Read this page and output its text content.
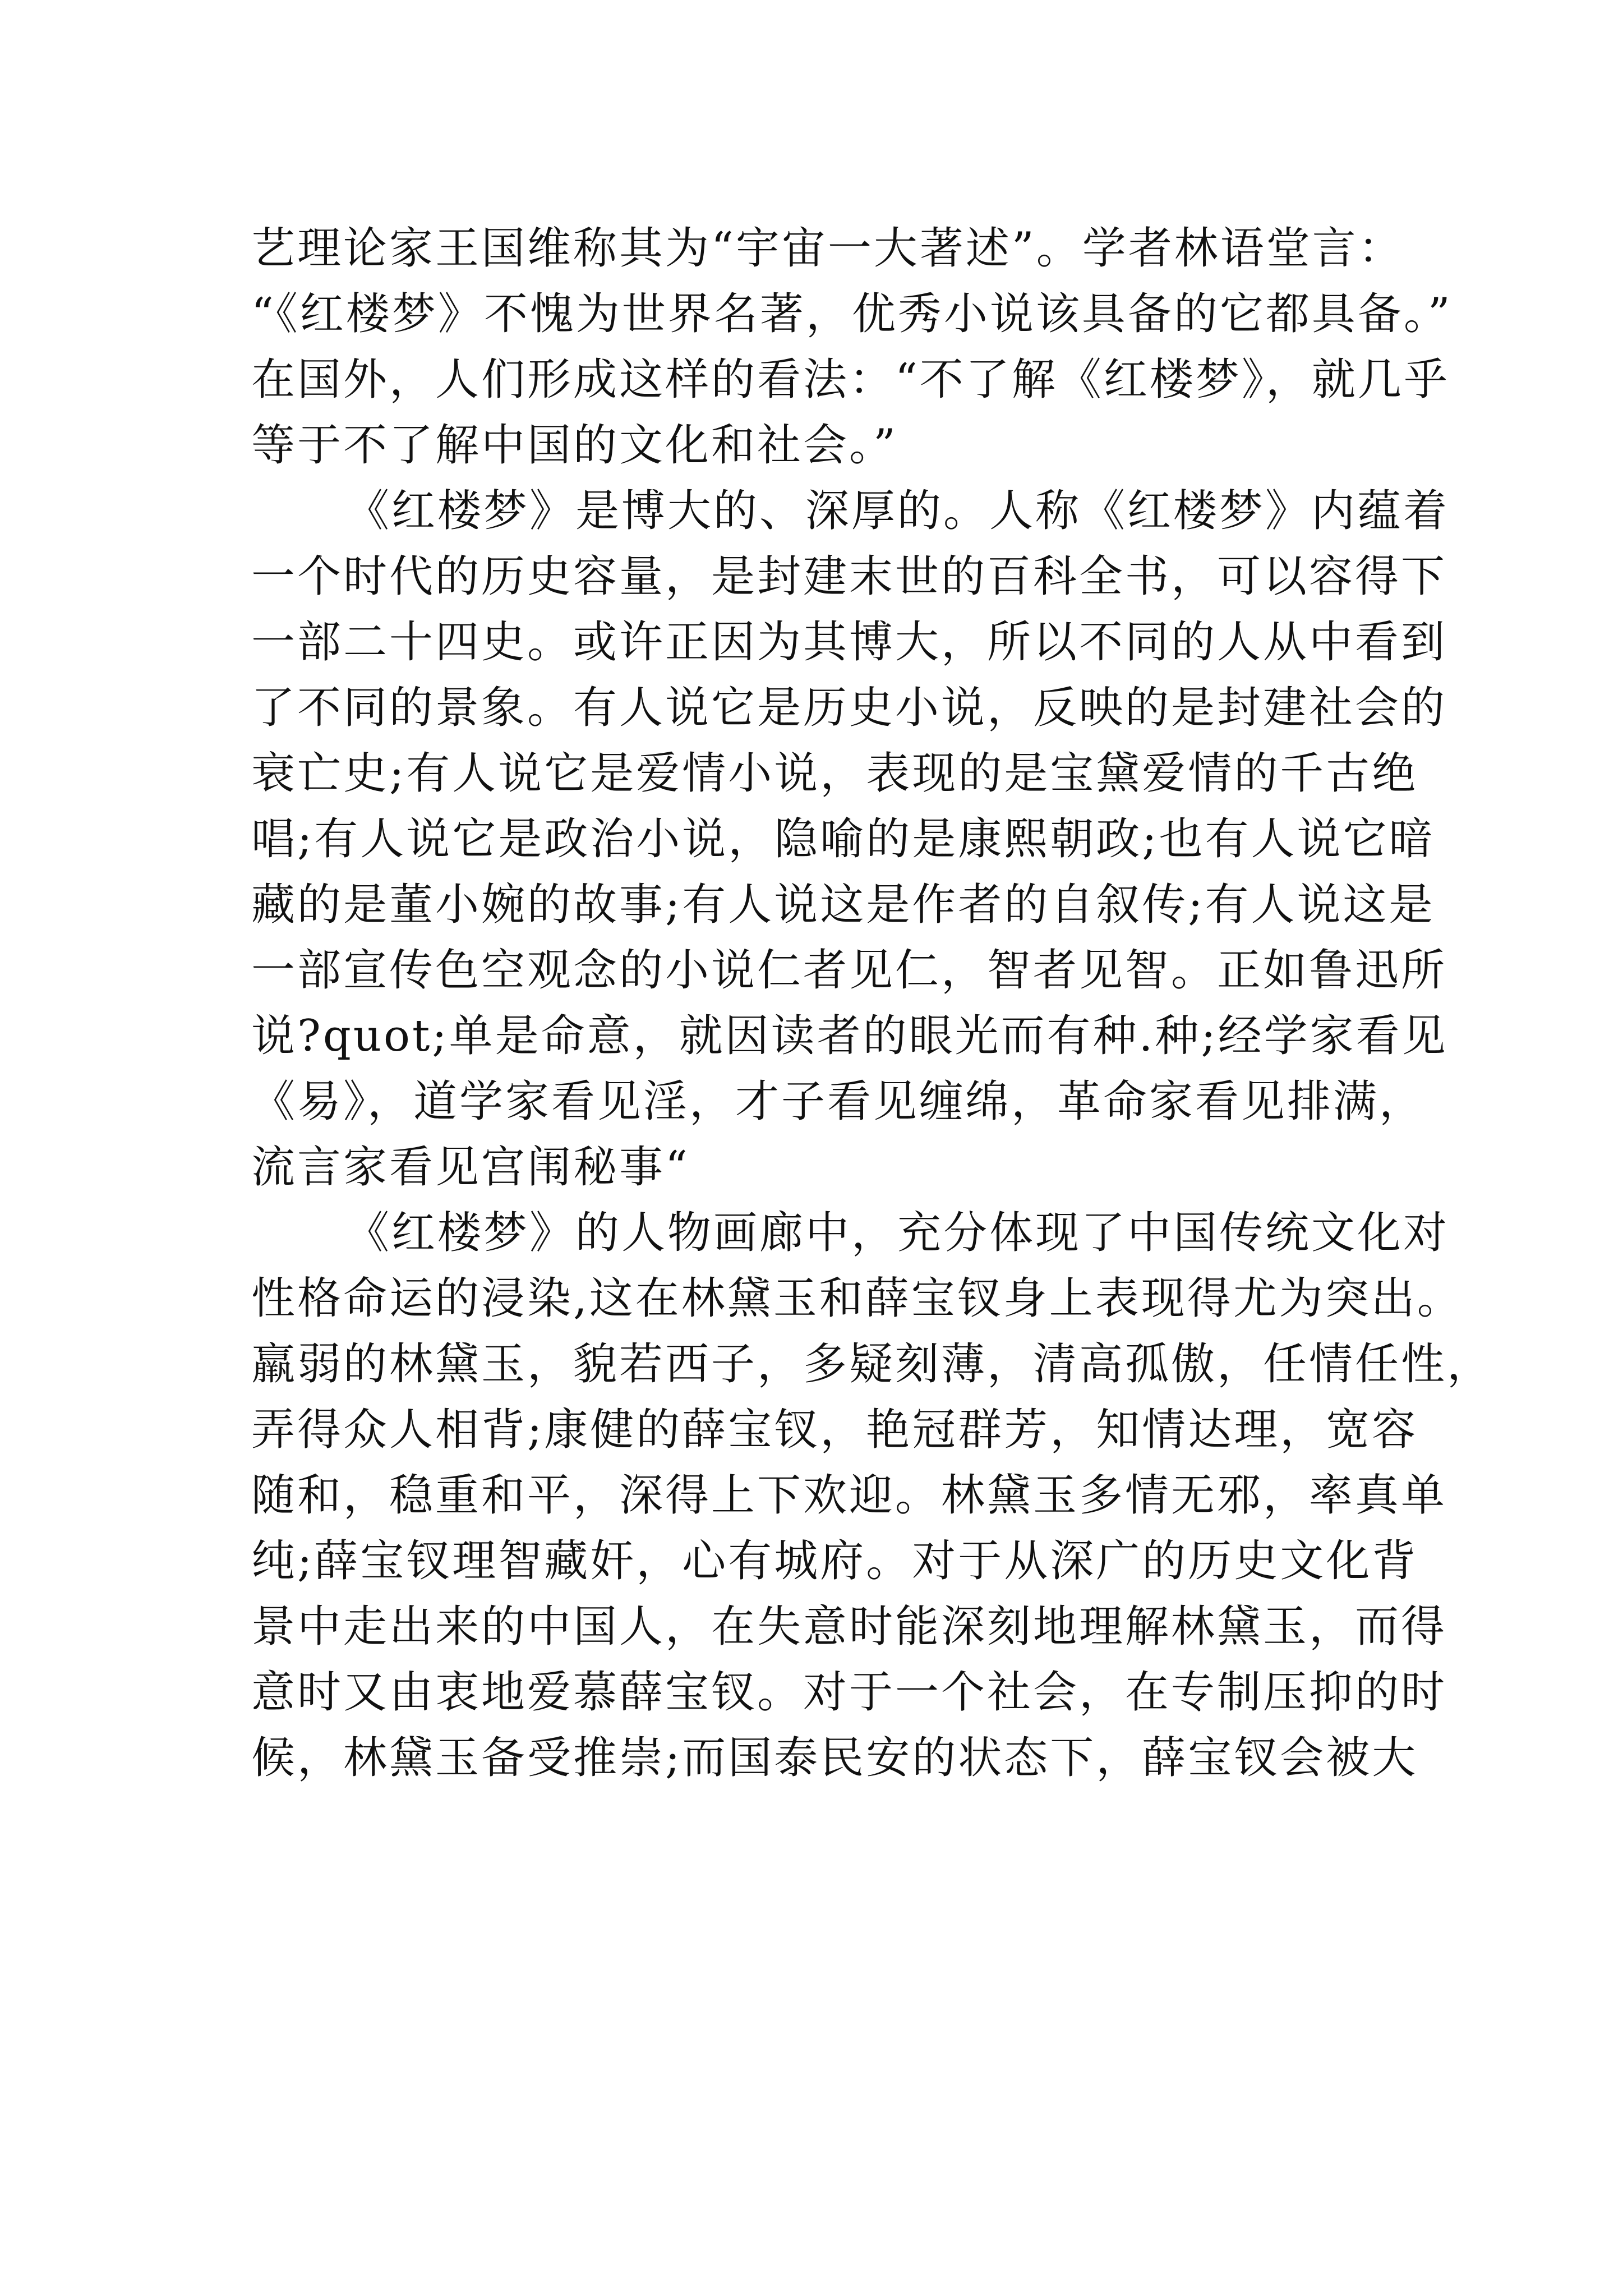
艺理论家王国维称其为“宇宙一大著述”。学者林语堂言：
“《红楼梦》不愧为世界名著，优秀小说该具备的它都具备。”
在国外，人们形成这样的看法：“不了解《红楼梦》，就几乎
等于不了解中国的文化和社会。”
《红楼梦》是博大的、深厚的。人称《红楼梦》内蕴着
一个时代的历史容量，是封建末世的百科全书，可以容得下
一部二十四史。或许正因为其博大，所以不同的人从中看到
了不同的景象。有人说它是历史小说，反映的是封建社会的
衰亡史;有人说它是爱情小说，表现的是宝黛爱情的千古绝
唱;有人说它是政治小说，隐喻的是康熙朝政;也有人说它暗
藏的是董小婉的故事;有人说这是作者的自叙传;有人说这是
一部宣传色空观念的小说仁者见仁，智者见智。正如鲁迅所
说?quot;单是命意，就因读者的眼光而有种.种;经学家看见
《易》，道学家看见淫，才子看见缠绵，革命家看见排满，
流言家看见宫闱秘事“
《红楼梦》的人物画廊中，充分体现了中国传统文化对
性格命运的浸染,这在林黛玉和薛宝钗身上表现得尤为突出。
羸弱的林黛玉，貌若西子，多疑刻薄，清高孤傲，任情任性，
弄得众人相背;康健的薛宝钗，艳冠群芳，知情达理，宽容
随和，稳重和平，深得上下欢迎。林黛玉多情无邪，率真单
纯;薛宝钗理智藏奸，心有城府。对于从深广的历史文化背
景中走出来的中国人，在失意时能深刻地理解林黛玉，而得
意时又由衷地爱慕薛宝钗。对于一个社会，在专制压抑的时
候，林黛玉备受推崇;而国泰民安的状态下，薛宝钗会被大
